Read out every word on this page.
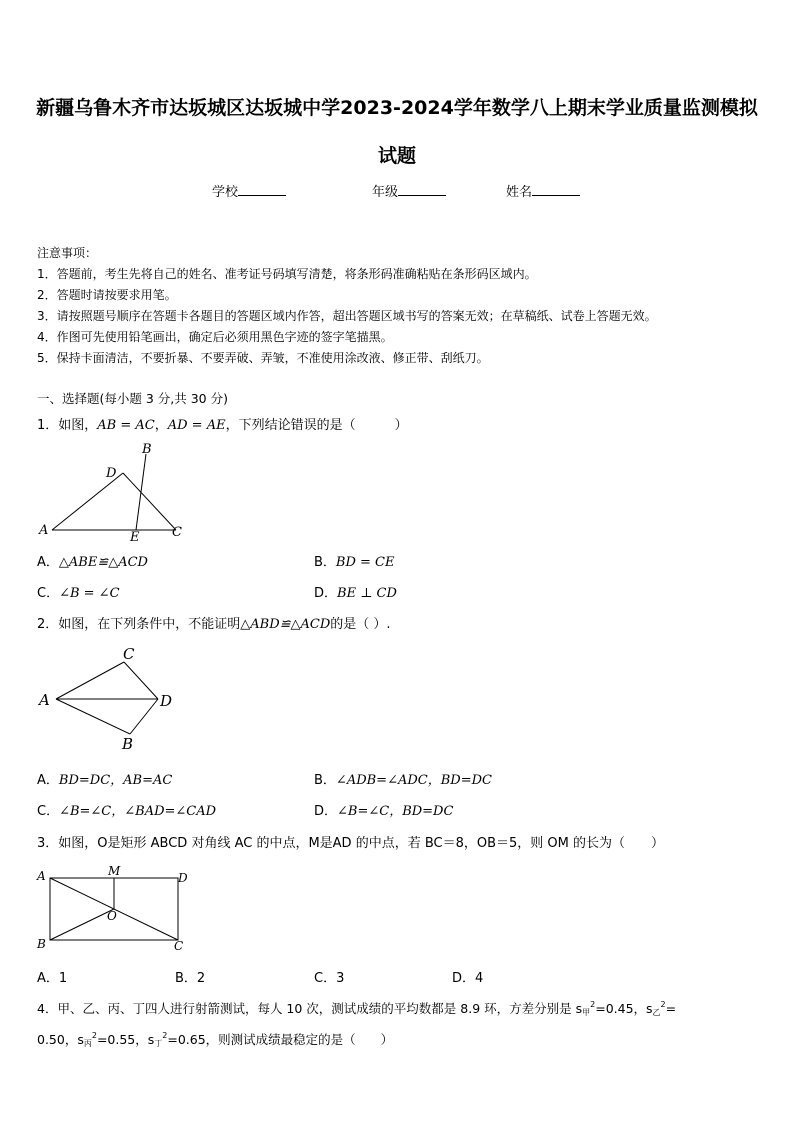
新疆乌鲁木齐市达坂城区达坂城中学2023-2024学年数学八上期末学业质量监测模拟
试题
学校	年级	姓名
注意事项：
1．答题前，考生先将自己的姓名、准考证号码填写清楚，将条形码准确粘贴在条形码区域内。
2．答题时请按要求用笔。
3．请按照题号顺序在答题卡各题目的答题区域内作答，超出答题区域书写的答案无效；在草稿纸、试卷上答题无效。
4．作图可先使用铅笔画出，确定后必须用黑色字迹的签字笔描黑。
5．保持卡面清洁，不要折暴、不要弄破、弄皱，不准使用涂改液、修正带、刮纸刀。
一、选择题(每小题 3 分,共 30 分)
1．如图，AB = AC，AD = AE，下列结论错误的是（　　　）
A
B
C
D
E
A．△ABE≌△ACD	B．BD = CE
C．∠B = ∠C	D．BE ⊥ CD
2．如图，在下列条件中，不能证明△ABD≌△ACD的是（ ）.
A
B
C
D
A．BD=DC，AB=AC	B．∠ADB=∠ADC，BD=DC
C．∠B=∠C，∠BAD=∠CAD	D．∠B=∠C，BD=DC
3．如图，O是矩形 ABCD 对角线 AC 的中点，M是AD 的中点，若 BC＝8，OB＝5，则 OM 的长为（　　）
A
B	C
D
M
O
A．1	B．2	C．3	D．4
4．甲、乙、丙、丁四人进行射箭测试，每人 10 次，测试成绩的平均数都是 8.9 环，方差分别是 $s_甲^2=0.45$，$s_乙^2=$
0.50，$s_丙^2=0.55$，$s_丁^2=0.65$，则测试成绩最稳定的是（　　）
